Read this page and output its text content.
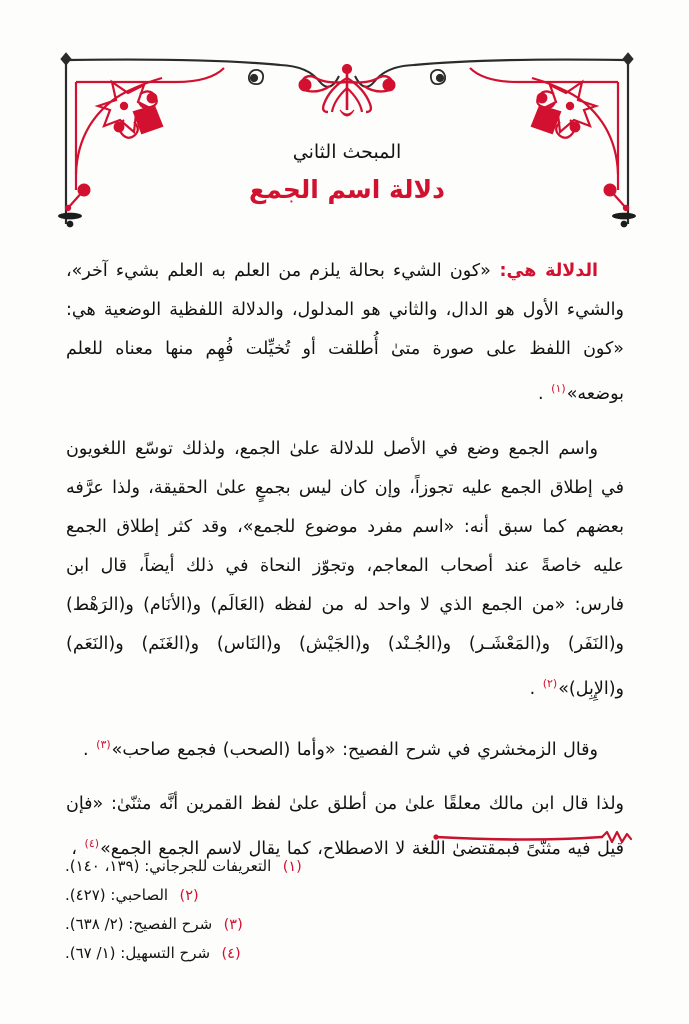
المبحث الثاني
دلالة اسم الجمع

الدلالة هي: «كون الشيء بحالة يلزم من العلم به العلم بشيء آخر»، والشيء الأول هو الدال، والثاني هو المدلول، والدلالة اللفظية الوضعية هي: «كون اللفظ على صورة متىٰ أُطلقت أو تُخيِّلت فُهِم منها معناه للعلم بوضعه»$^{(١)}$ .

واسم الجمع وضع في الأصل للدلالة علىٰ الجمع، ولذلك توسّع اللغويون في إطلاق الجمع عليه تجوزاً، وإن كان ليس بجمعٍ علىٰ الحقيقة، ولذا عرَّفه بعضهم كما سبق أنه: «اسم مفرد موضوع للجمع»، وقد كثر إطلاق الجمع عليه خاصةً عند أصحاب المعاجم، وتجوّز النحاة في ذلك أيضاً، قال ابن فارس: «من الجمع الذي لا واحد له من لفظه (العَالَم) و(الأنَام) و(الرَهْط) و(النَفَر) و(المَعْشَـر) و(الجُـنْد) و(الجَيْش) و(النَاس) و(الغَنَم) و(النَعَم) و(الإِبِل)»$^{(٢)}$ .

وقال الزمخشري في شرح الفصيح: «وأما (الصحب) فجمع صاحب»$^{(٣)}$ .

ولذا قال ابن مالك معلقًا علىٰ من أطلق علىٰ لفظ القمرين أنَّه مثنّىٰ: «فإن قيل فيه مثنّىً فبمقتضىٰ اللغة لا الاصطلاح، كما يقال لاسم الجمع الجمع»$^{(٤)}$ ،

(١)
التعريفات للجرجاني: (١٣٩، ١٤٠).
(٢)
الصاحبي: (٤٢٧).
(٣)
شرح الفصيح: (٢/ ٦٣٨).
(٤)
شرح التسهيل: (١/ ٦٧).
